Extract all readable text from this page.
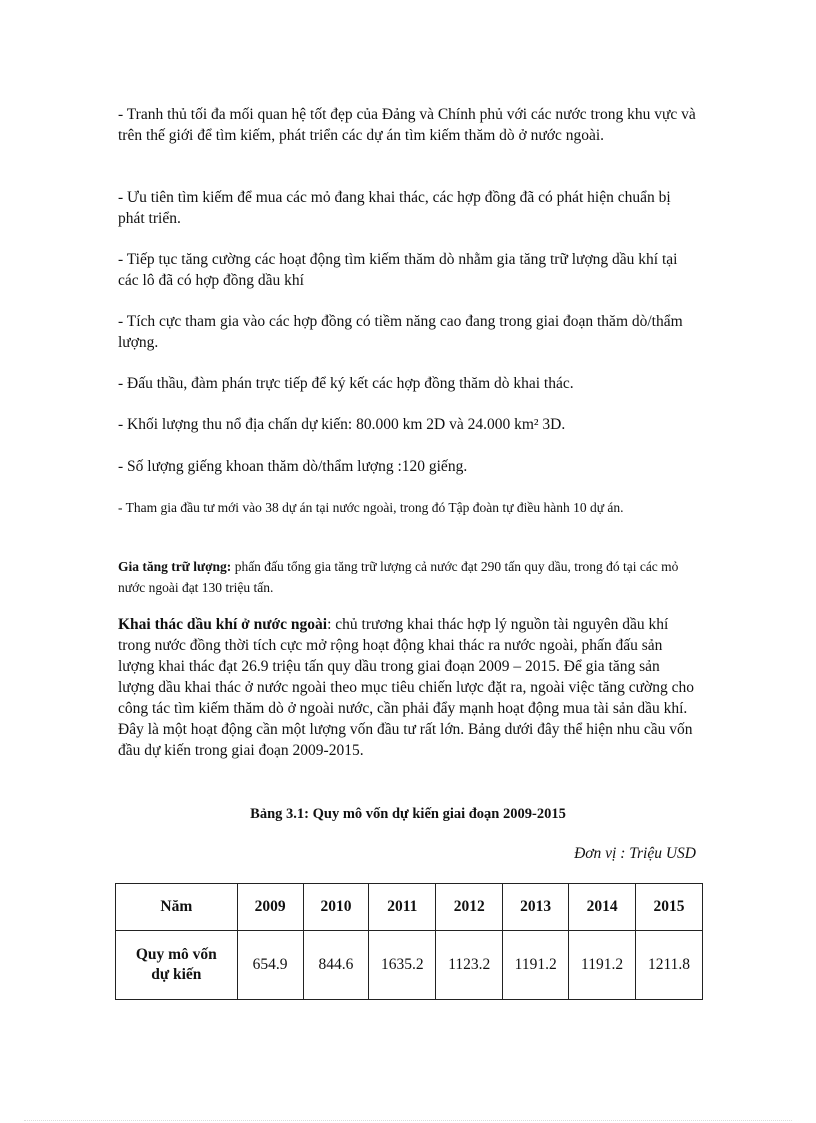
- Tranh thủ tối đa mối quan hệ tốt đẹp của Đảng và Chính phủ với các nước trong khu vực và trên thế giới để tìm kiếm, phát triển các dự án tìm kiếm thăm dò ở nước ngoài.

- Ưu tiên tìm kiếm để mua các mỏ đang khai thác, các hợp đồng đã có phát hiện chuẩn bị phát triển.

- Tiếp tục tăng cường các hoạt động tìm kiếm thăm dò nhằm gia tăng trữ lượng dầu khí tại các lô đã có hợp đồng dầu khí

- Tích cực tham gia vào các hợp đồng có tiềm năng cao đang trong giai đoạn thăm dò/thẩm lượng.

- Đấu thầu, đàm phán trực tiếp để ký kết các hợp đồng thăm dò khai thác.

- Khối lượng thu nổ địa chấn dự kiến: 80.000 km 2D và 24.000 km² 3D.

- Số lượng giếng khoan thăm dò/thẩm lượng :120 giếng.

- Tham gia đầu tư mới vào 38 dự án tại nước ngoài, trong đó Tập đoàn tự điều hành 10 dự án.

Gia tăng trữ lượng: phấn đấu tổng gia tăng trữ lượng cả nước đạt 290 tấn quy dầu, trong đó tại các mỏ nước ngoài đạt 130 triệu tấn.

Khai thác dầu khí ở nước ngoài: chủ trương khai thác hợp lý nguồn tài nguyên dầu khí trong nước đồng thời tích cực mở rộng hoạt động khai thác ra nước ngoài, phấn đấu sản lượng khai thác đạt 26.9 triệu tấn quy dầu trong giai đoạn 2009 – 2015. Để gia tăng sản lượng dầu khai thác ở nước ngoài theo mục tiêu chiến lược đặt ra, ngoài việc tăng cường cho công tác tìm kiếm thăm dò ở ngoài nước, cần phải đẩy mạnh hoạt động mua tài sản dầu khí. Đây là một hoạt động cần một lượng vốn đầu tư rất lớn. Bảng dưới đây thể hiện nhu cầu vốn đầu dự kiến trong giai đoạn 2009-2015.

Bảng 3.1: Quy mô vốn dự kiến giai đoạn 2009-2015
Đơn vị : Triệu USD
Năm	2009	2010	2011	2012	2013	2014	2015
Quy mô vốn
dự kiến	654.9	844.6	1635.2	1123.2	1191.2	1191.2	1211.8
